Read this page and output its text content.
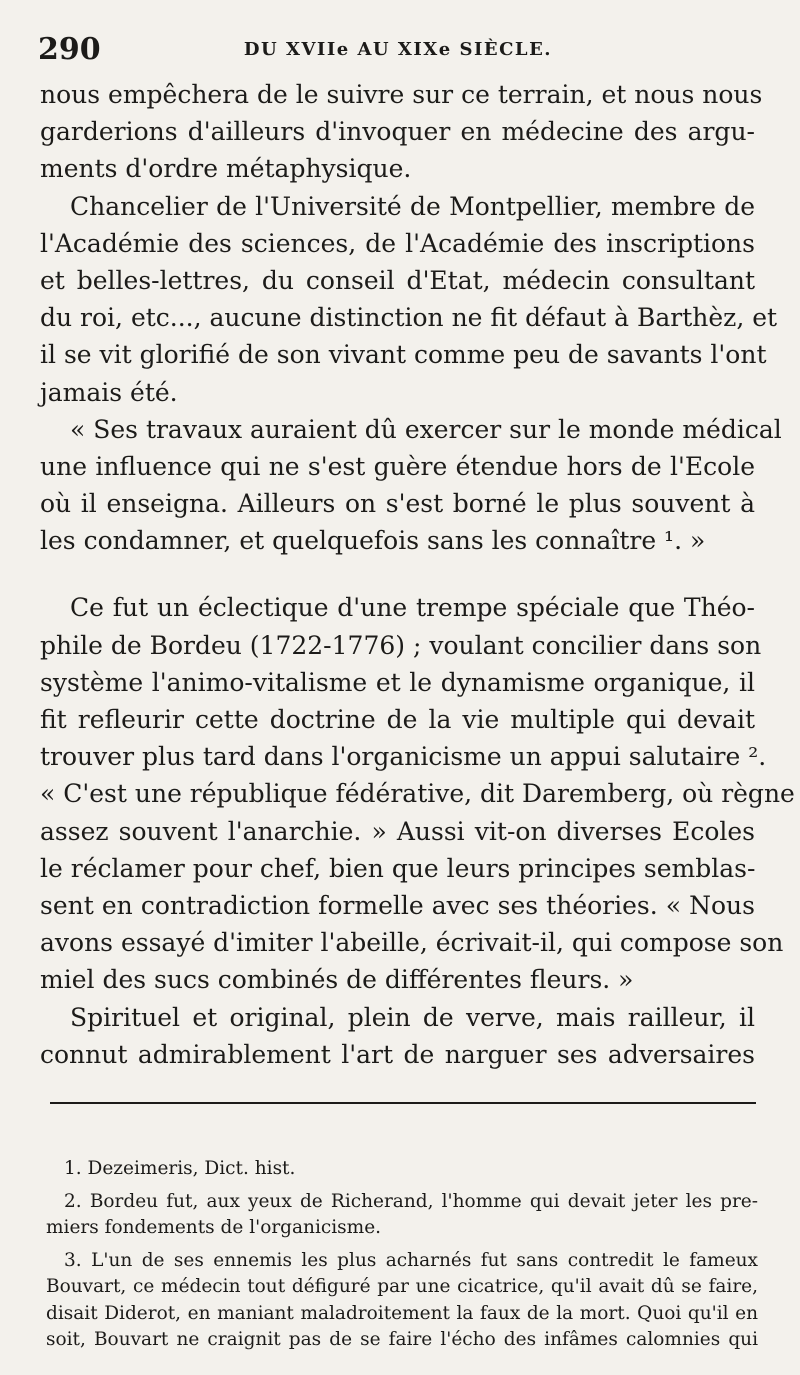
290	DU XVIIe AU XIXe SIÈCLE.
nous empêchera de le suivre sur ce terrain, et nous nous
garderions d'ailleurs d'invoquer en médecine des argu-
ments d'ordre métaphysique.
Chancelier de l'Université de Montpellier, membre de
l'Académie des sciences, de l'Académie des inscriptions
et belles-lettres, du conseil d'Etat, médecin consultant
du roi, etc..., aucune distinction ne fit défaut à Barthèz, et
il se vit glorifié de son vivant comme peu de savants l'ont
jamais été.
« Ses travaux auraient dû exercer sur le monde médical
une influence qui ne s'est guère étendue hors de l'Ecole
où il enseigna. Ailleurs on s'est borné le plus souvent à
les condamner, et quelquefois sans les connaître ¹. »
Ce fut un éclectique d'une trempe spéciale que Théo-
phile de Bordeu (1722-1776) ; voulant concilier dans son
système l'animo-vitalisme et le dynamisme organique, il
fit refleurir cette doctrine de la vie multiple qui devait
trouver plus tard dans l'organicisme un appui salutaire ².
« C'est une république fédérative, dit Daremberg, où règne
assez souvent l'anarchie. » Aussi vit-on diverses Ecoles
le réclamer pour chef, bien que leurs principes semblas-
sent en contradiction formelle avec ses théories. « Nous
avons essayé d'imiter l'abeille, écrivait-il, qui compose son
miel des sucs combinés de différentes fleurs. »
Spirituel et original, plein de verve, mais railleur, il
connut admirablement l'art de narguer ses adversaires
1. Dezeimeris, Dict. hist.
2. Bordeu fut, aux yeux de Richerand, l'homme qui devait jeter les pre-
miers fondements de l'organicisme.
3. L'un de ses ennemis les plus acharnés fut sans contredit le fameux
Bouvart, ce médecin tout défiguré par une cicatrice, qu'il avait dû se faire,
disait Diderot, en maniant maladroitement la faux de la mort. Quoi qu'il en
soit, Bouvart ne craignit pas de se faire l'écho des infâmes calomnies qui
